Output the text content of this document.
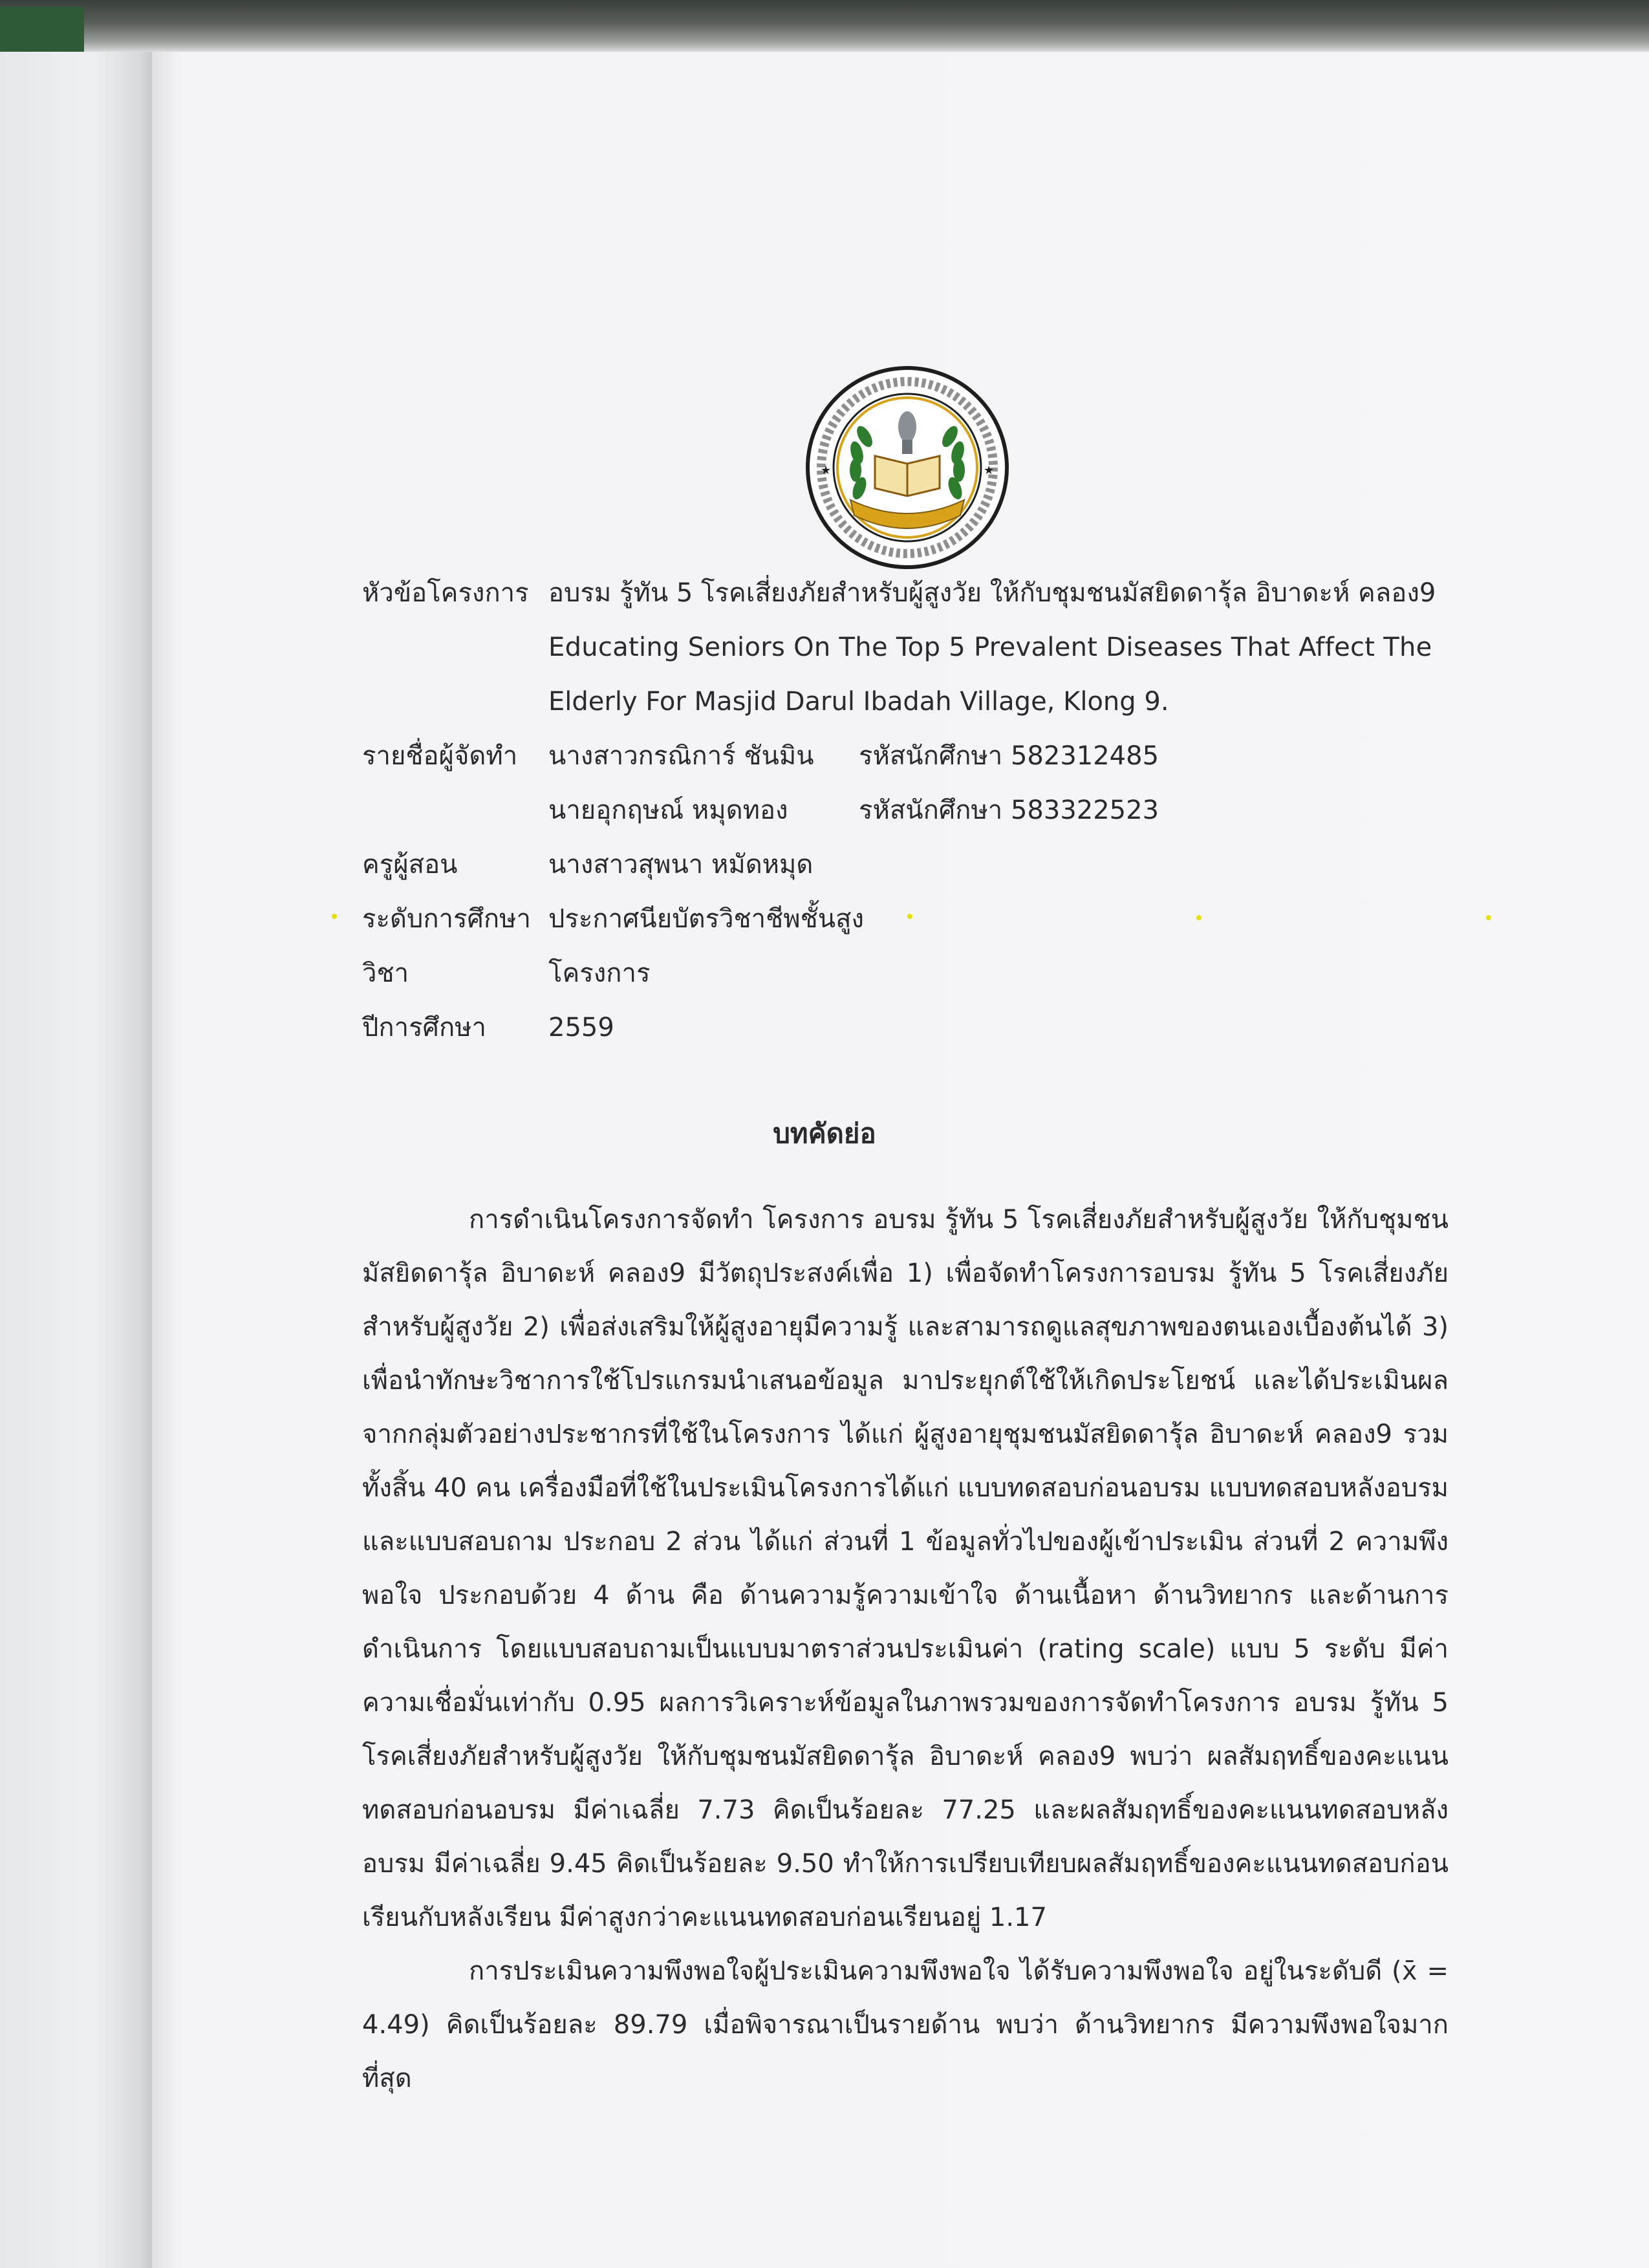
★	★
หัวข้อโครงการ อบรม รู้ทัน 5 โรคเสี่ยงภัยสำหรับผู้สูงวัย ให้กับชุมชนมัสยิดดารุ้ล อิบาดะห์ คลอง9
Educating Seniors On The Top 5 Prevalent Diseases That Affect The
Elderly For Masjid Darul Ibadah Village, Klong 9.
รายชื่อผู้จัดทำ	นางสาวกรณิการ์ ชันมิน	รหัสนักศึกษา 582312485
นายอุกฤษณ์ หมุดทอง	รหัสนักศึกษา 583322523
ครูผู้สอน	นางสาวสุพนา หมัดหมุด
ระดับการศึกษา ประกาศนียบัตรวิชาชีพชั้นสูง
วิชา	โครงการ
ปีการศึกษา	2559
บทคัดย่อ

การดำเนินโครงการจัดทำ โครงการ อบรม รู้ทัน 5 โรคเสี่ยงภัยสำหรับผู้สูงวัย ให้กับชุมชนมัสยิดดารุ้ล อิบาดะห์ คลอง9 มีวัตถุประสงค์เพื่อ 1) เพื่อจัดทำโครงการอบรม รู้ทัน 5 โรคเสี่ยงภัยสำหรับผู้สูงวัย 2) เพื่อส่งเสริมให้ผู้สูงอายุมีความรู้ และสามารถดูแลสุขภาพของตนเองเบื้องต้นได้ 3) เพื่อนำทักษะวิชาการใช้โปรแกรมนำเสนอข้อมูล มาประยุกต์ใช้ให้เกิดประโยชน์ และได้ประเมินผลจากกลุ่มตัวอย่างประชากรที่ใช้ในโครงการ ได้แก่ ผู้สูงอายุชุมชนมัสยิดดารุ้ล อิบาดะห์ คลอง9 รวมทั้งสิ้น 40 คน เครื่องมือที่ใช้ในประเมินโครงการได้แก่ แบบทดสอบก่อนอบรม แบบทดสอบหลังอบรมและแบบสอบถาม ประกอบ 2 ส่วน ได้แก่ ส่วนที่ 1 ข้อมูลทั่วไปของผู้เข้าประเมิน ส่วนที่ 2 ความพึงพอใจ ประกอบด้วย 4 ด้าน คือ ด้านความรู้ความเข้าใจ ด้านเนื้อหา ด้านวิทยากร และด้านการดำเนินการ โดยแบบสอบถามเป็นแบบมาตราส่วนประเมินค่า (rating scale) แบบ 5 ระดับ มีค่าความเชื่อมั่นเท่ากับ 0.95 ผลการวิเคราะห์ข้อมูลในภาพรวมของการจัดทำโครงการ อบรม รู้ทัน 5 โรคเสี่ยงภัยสำหรับผู้สูงวัย ให้กับชุมชนมัสยิดดารุ้ล อิบาดะห์ คลอง9 พบว่า ผลสัมฤทธิ์ของคะแนนทดสอบก่อนอบรม มีค่าเฉลี่ย 7.73 คิดเป็นร้อยละ 77.25 และผลสัมฤทธิ์ของคะแนนทดสอบหลังอบรม มีค่าเฉลี่ย 9.45 คิดเป็นร้อยละ 9.50 ทำให้การเปรียบเทียบผลสัมฤทธิ์ของคะแนนทดสอบก่อนเรียนกับหลังเรียน มีค่าสูงกว่าคะแนนทดสอบก่อนเรียนอยู่ 1.17

การประเมินความพึงพอใจผู้ประเมินความพึงพอใจ ได้รับความพึงพอใจ อยู่ในระดับดี (x̄ = 4.49) คิดเป็นร้อยละ 89.79 เมื่อพิจารณาเป็นรายด้าน พบว่า ด้านวิทยากร มีความพึงพอใจมากที่สุด
